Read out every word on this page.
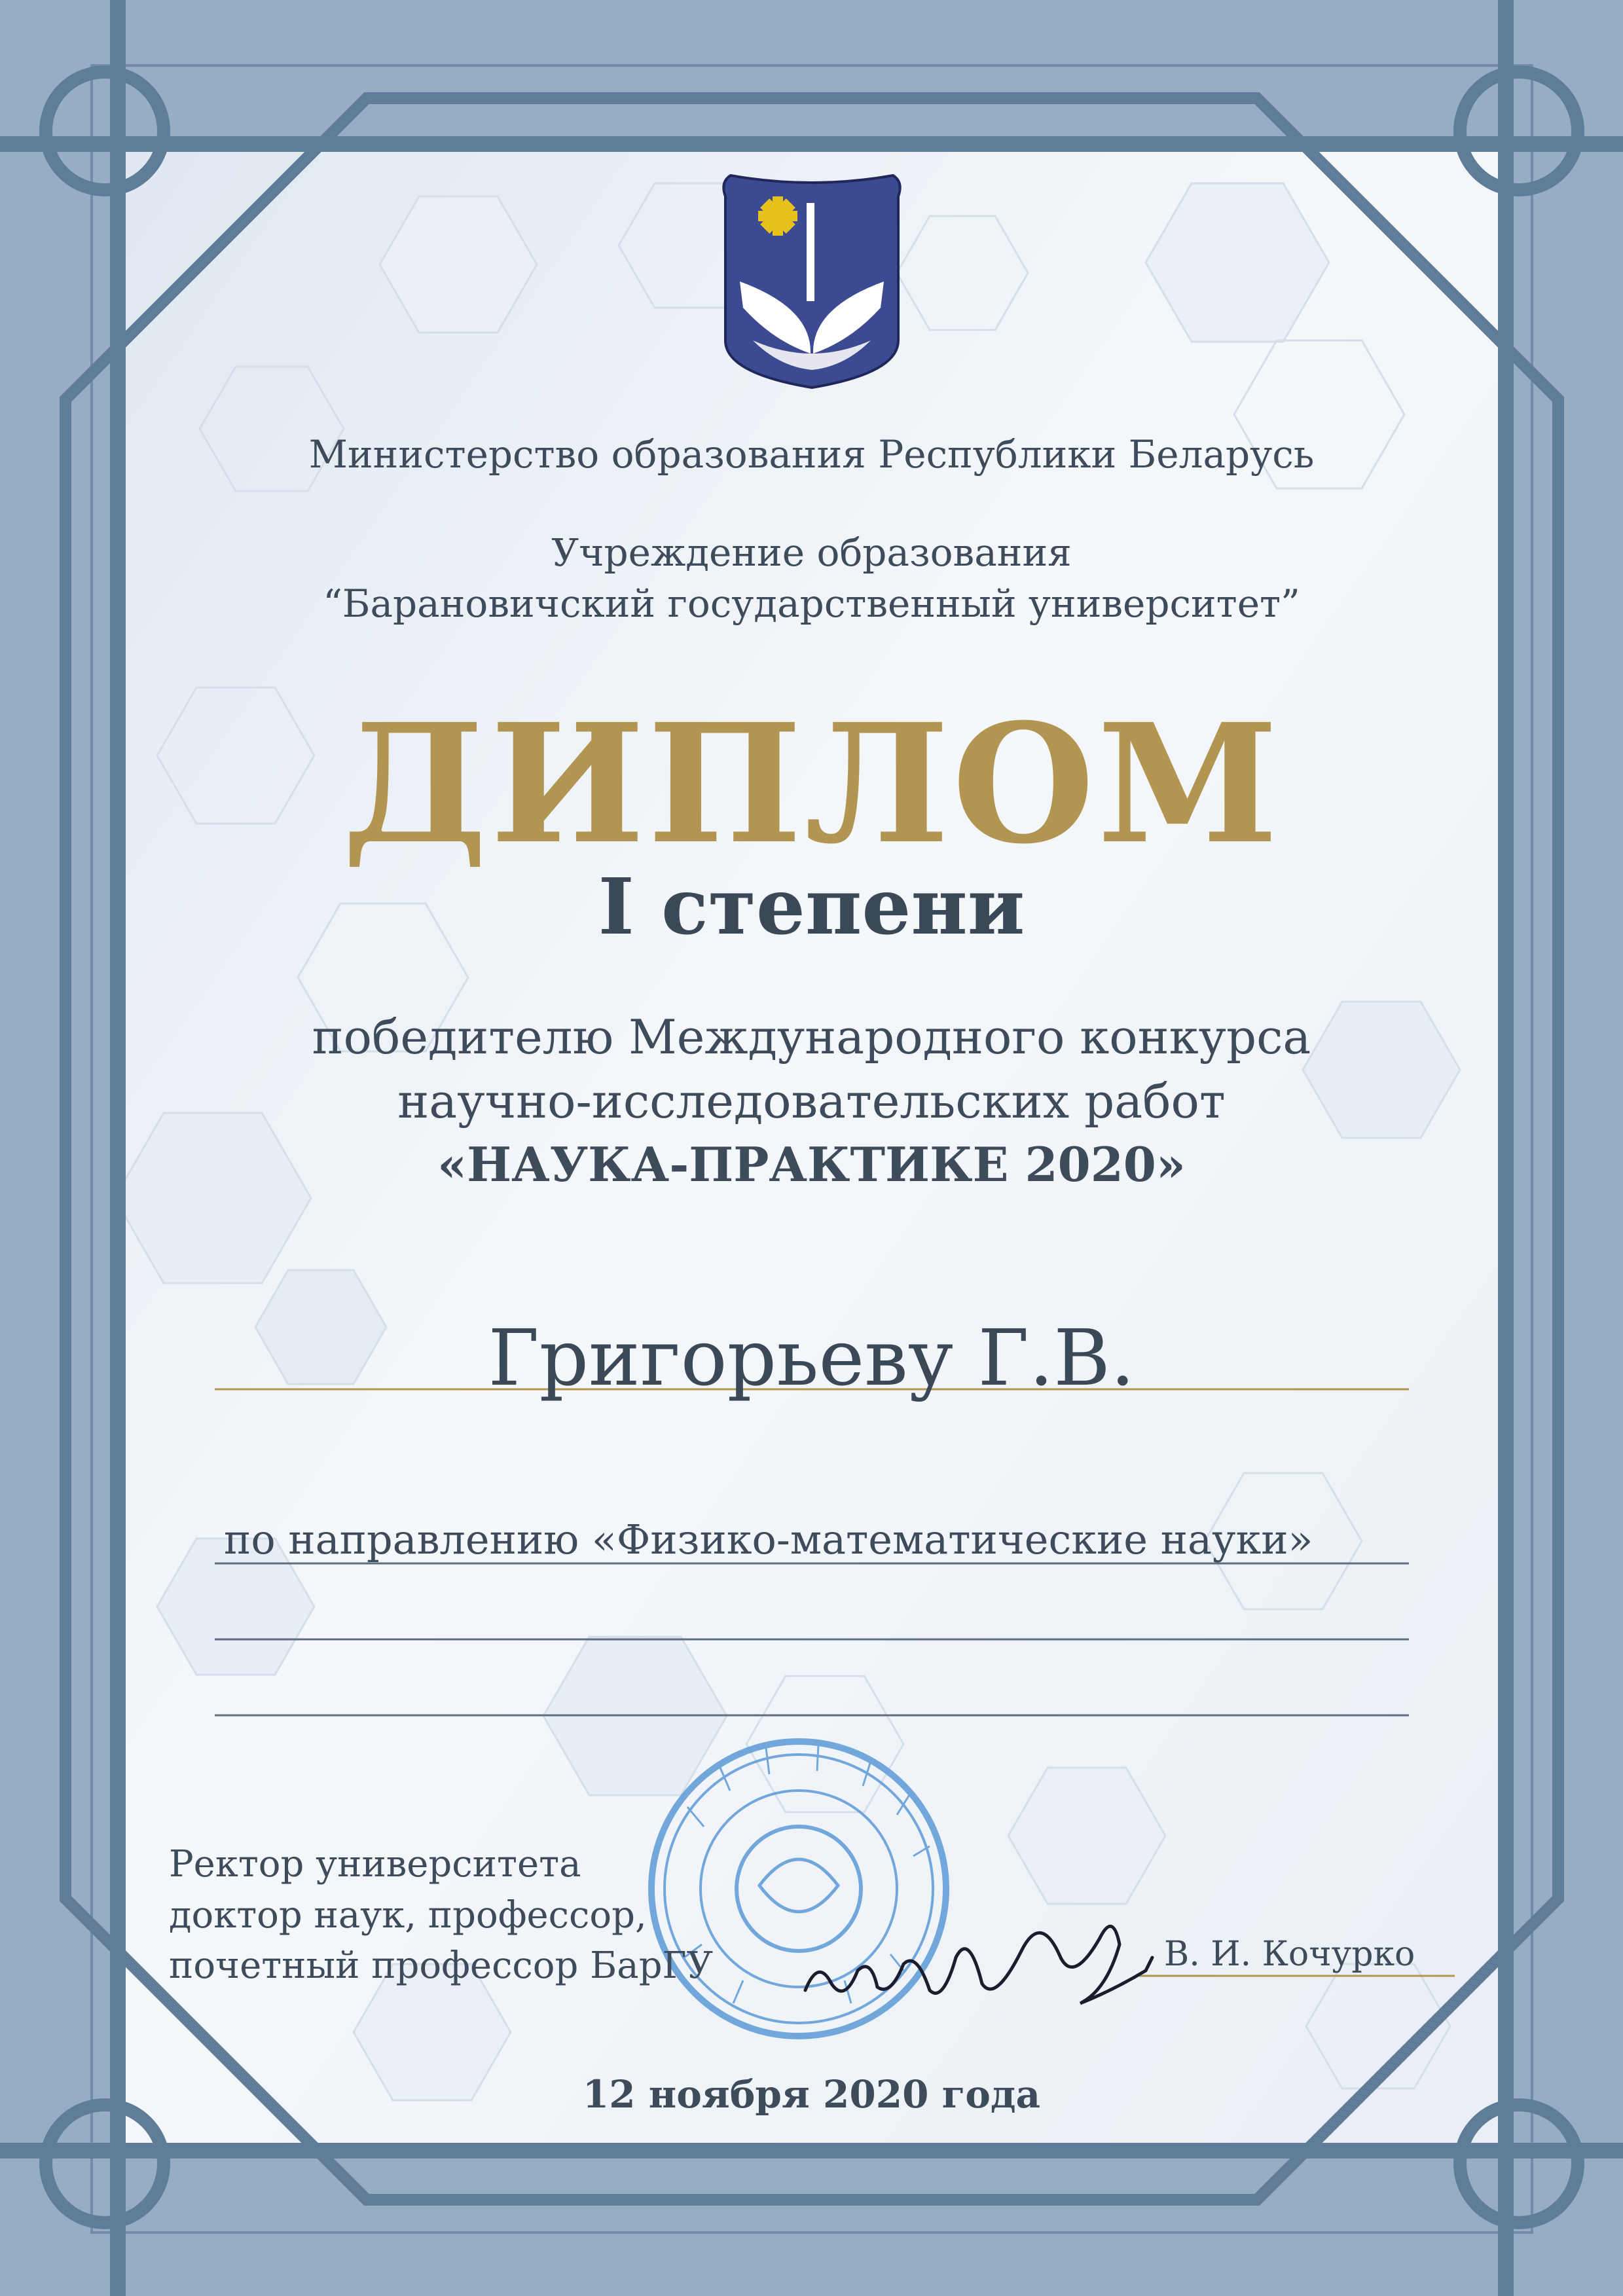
Министерство образования Республики Беларусь
Учреждение образования
“Барановичский государственный университет”
ДИПЛОМ
I степени
победителю Международного конкурса
научно-исследовательских работ
«НАУКА-ПРАКТИКЕ 2020»
Григорьеву Г.В.
по направлению «Физико-математические науки»
Ректор университета
доктор наук, профессор,
почетный профессор БарГУ	В. И. Кочурко
12 ноября 2020 года
